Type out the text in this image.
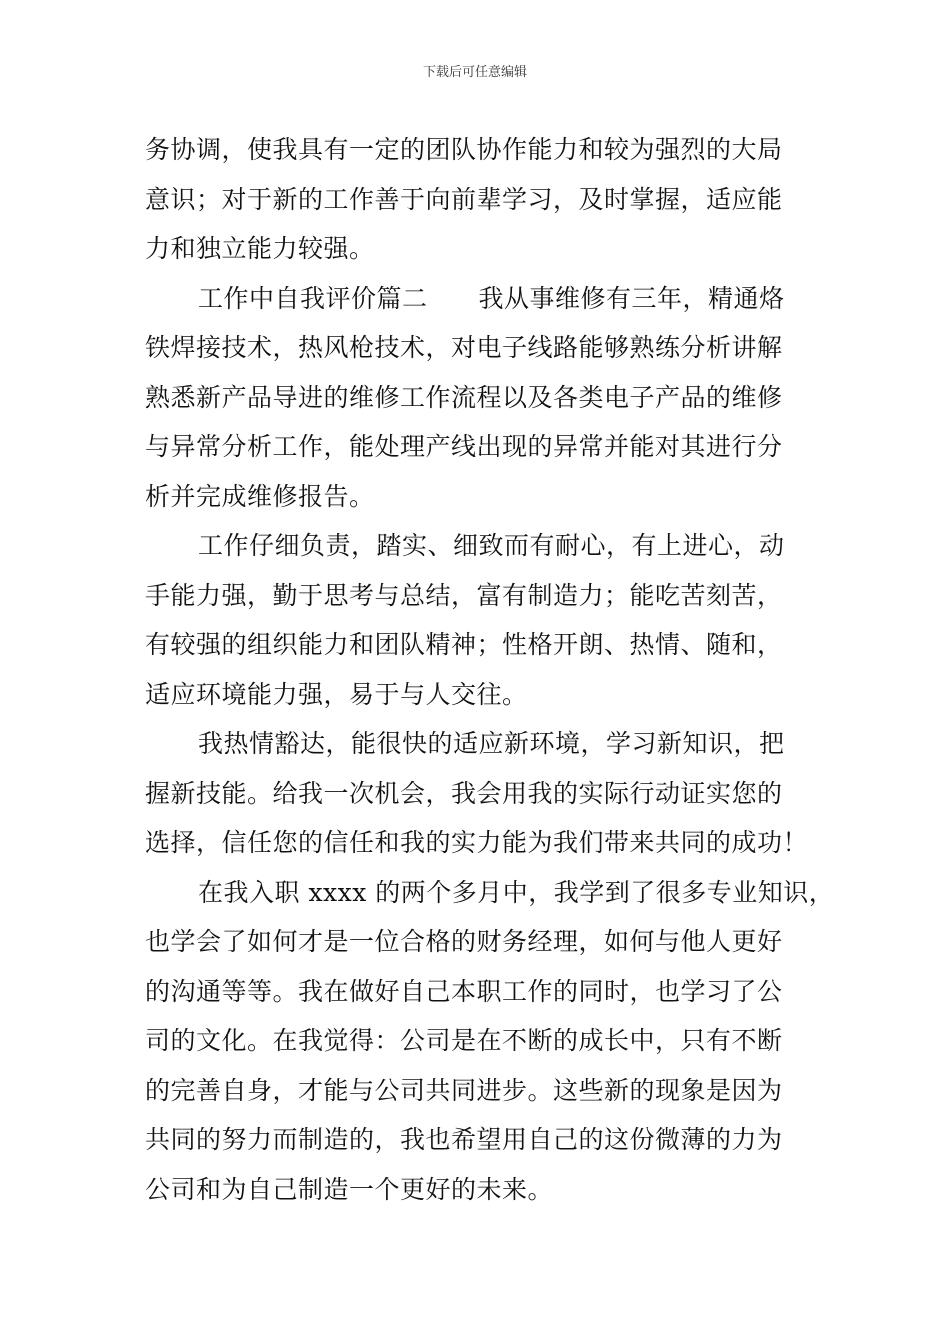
下载后可任意编辑
务协调，使我具有一定的团队协作能力和较为强烈的大局
意识；对于新的工作善于向前辈学习，及时掌握，适应能
力和独立能力较强。
工作中自我评价篇二　　我从事维修有三年，精通烙
铁焊接技术，热风枪技术，对电子线路能够熟练分析讲解
熟悉新产品导进的维修工作流程以及各类电子产品的维修
与异常分析工作，能处理产线出现的异常并能对其进行分
析并完成维修报告。
工作仔细负责，踏实、细致而有耐心，有上进心，动
手能力强，勤于思考与总结，富有制造力；能吃苦刻苦，
有较强的组织能力和团队精神；性格开朗、热情、随和，
适应环境能力强，易于与人交往。
我热情豁达，能很快的适应新环境，学习新知识，把
握新技能。给我一次机会，我会用我的实际行动证实您的
选择，信任您的信任和我的实力能为我们带来共同的成功！
在我入职 xxxx 的两个多月中，我学到了很多专业知识，
也学会了如何才是一位合格的财务经理，如何与他人更好
的沟通等等。我在做好自己本职工作的同时，也学习了公
司的文化。在我觉得：公司是在不断的成长中，只有不断
的完善自身，才能与公司共同进步。这些新的现象是因为
共同的努力而制造的，我也希望用自己的这份微薄的力为
公司和为自己制造一个更好的未来。
